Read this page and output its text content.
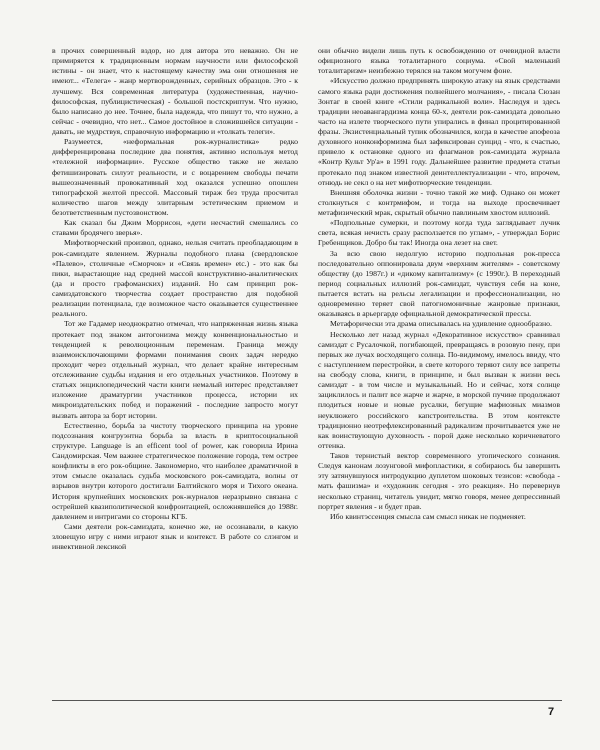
в прочих совершенный вздор, но для автора это неважно. Он не примиряется к традиционным нормам научности или философской истины - он знает, что к настоящему качеству эма они отношения не имеют... «Телега» - жанр мертворожденных, серийных образцов. Это - к лучшему. Вся современная литература (художественная, научно-философская, публицистическая) - большой постскриптум. Что нужно, было написано до нее. Точнее, была надежда, что пишут то, что нужно, а сейчас - очевидно, что нет... Самое достойное в сложившейся ситуации - давать, не мудрствуя, справочную информацию и «толкать телеги».

Разумеется, «неформальная рок-журналистика» редко дифференцирована последние два понятия, активно используя метод «тележной информации». Русское общество также не желало фетишизировать силуэт реальности, и с воцарением свободы печати вышеозначенный провокативный ход оказался успешно опошлен типографской желтой прессой. Массовый тираж без труда просчитал количество шагов между элитарным эстетическим приемом и безответственным пустозвонством.

Как сказал бы Джим Моррисон, «дети несчастий смешались со ставами бродячего зверья».

Мифотворческий произвол, однако, нельзя считать преобладающим в рок-самиздате явлением. Журналы подобного плана (свердловское «Палево», столичные «Сморчок» и «Связь времен» etc.) - это как бы пики, вырастающие над средней массой конструктивно-аналитических (да и просто графоманских) изданий. Но сам принцип рок-самиздатовского творчества создает пространство для подобной реализации потенциала, где возможное часто оказывается существеннее реального.

Тот же Гадамер неоднократно отмечал, что напряженная жизнь языка протекает под знаком антогонизма между конвенциональностью и тенденцией к революционным переменам. Граница между взаимоисключающими формами понимания своих задач нередко проходит через отдельный журнал, что делает крайне интересным отслеживание судьбы издания и его отдельных участников. Поэтому в статьях энциклопедический части книги немалый интерес представляет изложение драматургии участников процесса, истории их микроиздательских побед и поражений - последние запросто могут вызвать автора за борт истории.

Естественно, борьба за чистоту творческого принципа на уровне подсознания конгруэнтна борьба за власть в криптосоциальной структуре. Language is an efficent tool of power, как говорила Ирина Сандомирская. Чем важнее стратегическое положение города, тем острее конфликты в его рок-общине. Закономерно, что наиболее драматичной в этом смысле оказалась судьба московского рок-самиздата, волны от взрывов внутри которого достигали Балтийского моря и Тихого океана. История крупнейших московских рок-журналов неразрывно связана с острейшей квазиполитической конфронтацией, осложнявшейся до 1988г. давлением и интригами со стороны КГБ.

Сами деятели рок-самиздата, конечно же, не осознавали, в какую зловещую игру с ними играют язык и контекст. В работе со слэнгом и инвективной лексикой

они обычно видели лишь путь к освобождению от очевидной власти официозного языка тоталитарного социума. «Свой маленький тоталитаризм» неизбежно терялся на таком могучем фоне.

«Искусство должно предпринять широкую атаку на язык средствами самого языка ради достижения полнейшего молчания», - писала Сюзан Зонтаг в своей книге «Стили радикальной воли». Наследуя и здесь традиции неоавангардизма конца 60-х, деятели рок-самиздата довольно часто на излете творческого пути упирались в финал процитированной фразы. Экзистенциальный тупик обозначился, когда в качестве апофеоза духовного нонконформизма был зафиксирован суицид - что, к счастью, привело к остановке одного из флагманов рок-самиздата журнала «Контр Культ Ур'а» в 1991 году. Дальнейшее развитие предмета статьи протекало под знаком известной деинтеллектуализации - что, впрочем, отнюдь не секл о на нет мифотворческие тенденции.

Внешняя оболочка жизни - точно такой же миф. Однако он может столкнуться с контрмифом, и тогда на выходе просвечивает метафизический мрак, скрытый обычно павлиньим хвостом иллюзий.

«Подпольные сумерки, и поэтому когда туда заглядывает лучик света, всякая нечисть сразу расползается по углам», - утверждал Борис Гребенщиков. Добро бы так! Иногда она лезет на свет.

За всю свою недолгую историю подпольная рок-пресса последовательно оппонировала двум «верхним жителям» - советскому обществу (до 1987г.) и «дикому капитализму» (с 1990г.). В переходный период социальных иллюзий рок-самиздат, чувствуя себя на коне, пытается встать на рельсы легализации и профессионализации, но одновременно теряет свой патогномоничные жанровые признаки, оказываясь в арьергарде официальной демократической прессы.

Метафорически эта драма описывалась на удивление однообразно.

Несколько лет назад журнал «Декоративное искусство» сравнивал самиздат с Русалочкой, погибающей, превращаясь в розовую пену, при первых же лучах восходящего солнца. По-видимому, имелось ввиду, что с наступлением перестройки, в свете которого теряют силу все запреты на свободу слова, книги, в принципе, и был вызван к жизни весь самиздат - в том числе и музыкальный. Но и сейчас, хотя солнце зациклилось и палит все жарче и жарче, в морской пучине продолжают плодиться новые и новые русалки, бегущие мафиозных миазмов неуклюжего российского капстроительства. В этом контексте традиционно неотрефлексированный радикализм прочитывается уже не как воинствующую духовность - порой даже несколько коричневатого оттенка.

Таков тернистый вектор современного утопического сознания. Следуя канонам лозунговой мифопластики, я собираюсь бы завершить эту затянувшуюся интродукцию дуплетом шоковых тезисов: «свобода - мать фашизма» и «художник сегодня - это реакция». Но перевернув несколько страниц, читатель увидит, мягко говоря, менее депрессивный портрет явления - и будет прав.

Ибо квинтэссенция смысла сам смысл никак не подменяет.

7
